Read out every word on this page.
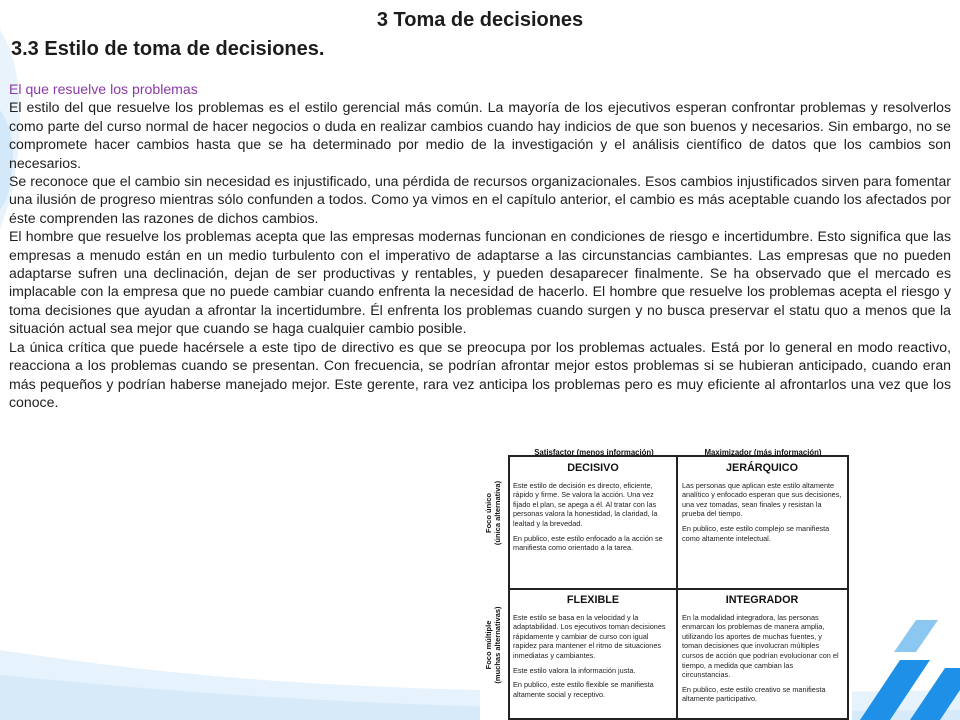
3 Toma de decisiones
3.3 Estilo de toma de decisiones.

El que resuelve los problemas

El estilo del que resuelve los problemas es el estilo gerencial más común. La mayoría de los ejecutivos esperan confrontar problemas y resolverlos como parte del curso normal de hacer negocios o duda en realizar cambios cuando hay indicios de que son buenos y necesarios. Sin embargo, no se compromete hacer cambios hasta que se ha determinado por medio de la investigación y el análisis científico de datos que los cambios son necesarios.

Se reconoce que el cambio sin necesidad es injustificado, una pérdida de recursos organizacionales. Esos cambios injustificados sirven para fomentar una ilusión de progreso mientras sólo confunden a todos. Como ya vimos en el capítulo anterior, el cambio es más aceptable cuando los afectados por éste comprenden las razones de dichos cambios.

El hombre que resuelve los problemas acepta que las empresas modernas funcionan en condiciones de riesgo e incertidumbre. Esto significa que las empresas a menudo están en un medio turbulento con el imperativo de adaptarse a las circunstancias cambiantes. Las empresas que no pueden adaptarse sufren una declinación, dejan de ser productivas y rentables, y pueden desaparecer finalmente. Se ha observado que el mercado es implacable con la empresa que no puede cambiar cuando enfrenta la necesidad de hacerlo. El hombre que resuelve los problemas acepta el riesgo y toma decisiones que ayudan a afrontar la incertidumbre. Él enfrenta los problemas cuando surgen y no busca preservar el statu quo a menos que la situación actual sea mejor que cuando se haga cualquier cambio posible.

La única crítica que puede hacérsele a este tipo de directivo es que se preocupa por los problemas actuales. Está por lo general en modo reactivo, reacciona a los problemas cuando se presentan. Con frecuencia, se podrían afrontar mejor estos problemas si se hubieran anticipado, cuando eran más pequeños y podrían haberse manejado mejor. Este gerente, rara vez anticipa los problemas pero es muy eficiente al afrontarlos una vez que los conoce.

Satisfactor (menos información)	Maximizador (más información)
Foco único (única alternativa)
Foco múltiple (muchas alternativas)
DECISIVO

Este estilo de decisión es directo, eficiente, rápido y firme. Se valora la acción. Una vez fijado el plan, se apega a él. Al tratar con las personas valora la honestidad, la claridad, la lealtad y la brevedad.

En publico, este estilo enfocado a la acción se manifiesta como orientado a la tarea.

JERÁRQUICO

Las personas que aplican este estilo altamente analítico y enfocado esperan que sus decisiones, una vez tomadas, sean finales y resistan la prueba del tiempo.

En publico, este estilo complejo se manifiesta como altamente intelectual.

FLEXIBLE

Este estilo se basa en la velocidad y la adaptabilidad. Los ejecutivos toman decisiones rápidamente y cambiar de curso con igual rapidez para mantener el ritmo de situaciones inmediatas y cambiantes.

Este estilo valora la información justa.

En publico, este estilo flexible se manifiesta altamente social y receptivo.

INTEGRADOR

En la modalidad integradora, las personas enmarcan los problemas de manera amplia, utilizando los aportes de muchas fuentes, y toman decisiones que involucran múltiples cursos de acción que podrían evolucionar con el tiempo, a medida que cambian las circunstancias.

En publico, este estilo creativo se manifiesta altamente participativo.
